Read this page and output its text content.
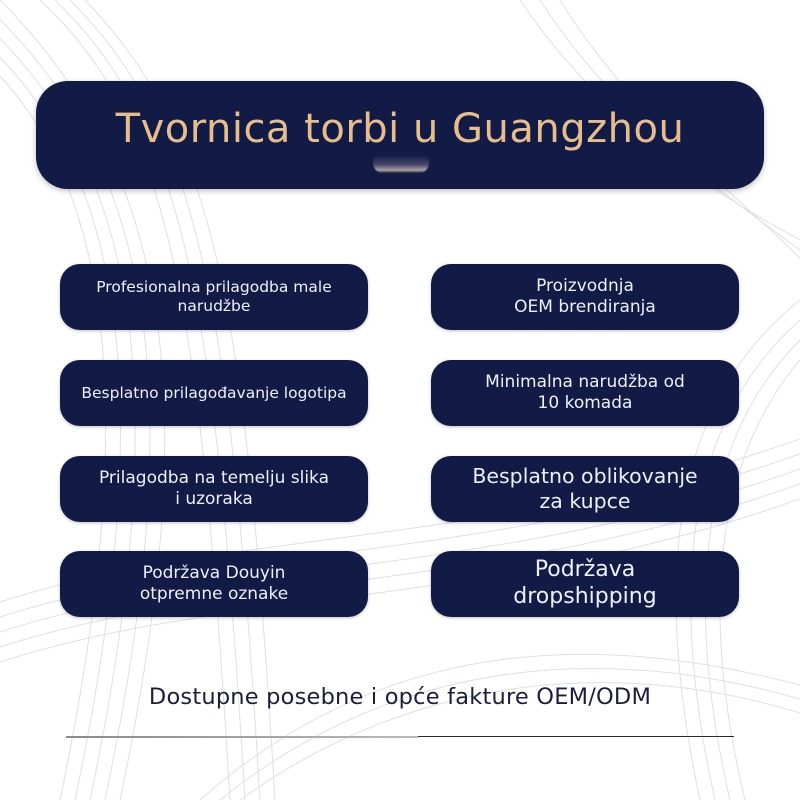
Tvornica torbi u Guangzhou
Profesionalna prilagodba male
narudžbe
Proizvodnja
OEM brendiranja
Besplatno prilagođavanje logotipa
Minimalna narudžba od
10 komada
Prilagodba na temelju slika
i uzoraka
Besplatno oblikovanje
za kupce
Podržava Douyin
otpremne oznake
Podržava
dropshipping
Dostupne posebne i opće fakture OEM/ODM
